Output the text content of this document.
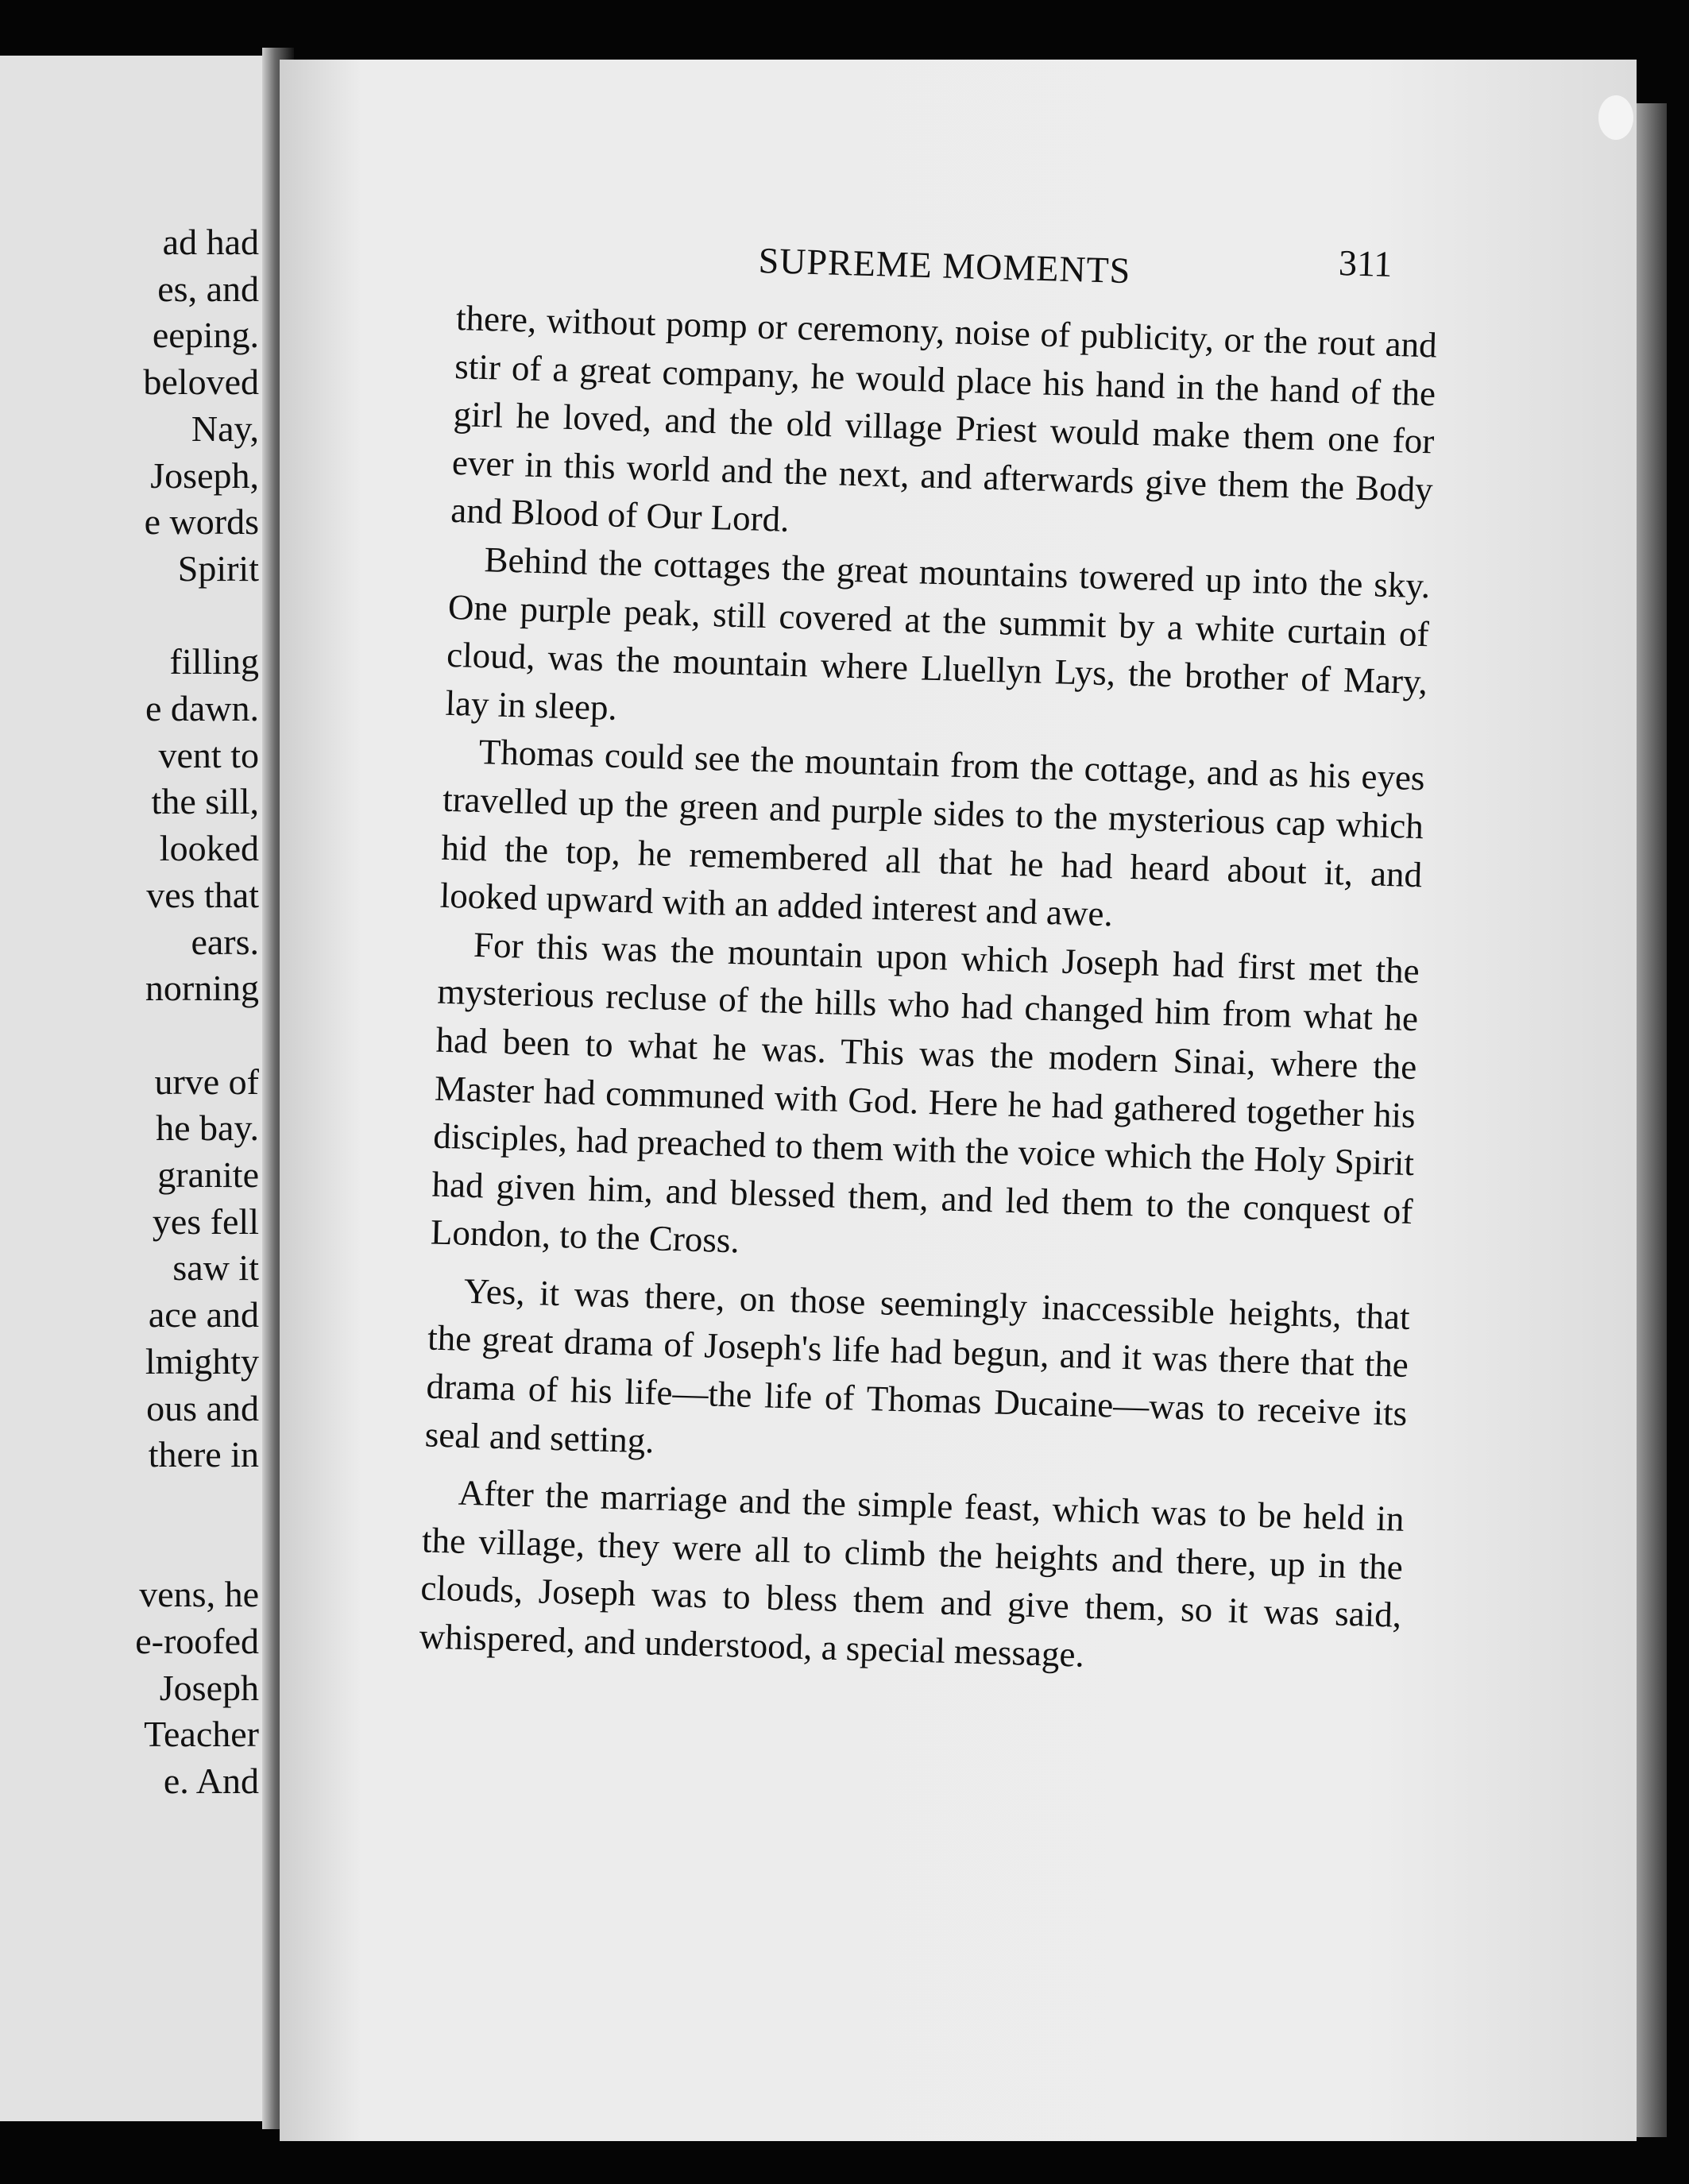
ad had
es, and
eeping.
beloved
Nay,
Joseph,
e words
Spirit
filling
e dawn.
vent to
the sill,
looked
ves that
ears.
norning
urve of
he bay.
granite
yes fell
saw it
ace and
lmighty
ous and
there in
vens, he
e-roofed
Joseph
Teacher
e. And
SUPREME MOMENTS	311

there, without pomp or ceremony, noise of publicity, or the rout and stir of a great company, he would place his hand in the hand of the girl he loved, and the old village Priest would make them one for ever in this world and the next, and afterwards give them the Body and Blood of Our Lord.

Behind the cottages the great mountains towered up into the sky. One purple peak, still covered at the summit by a white curtain of cloud, was the mountain where Lluellyn Lys, the brother of Mary, lay in sleep.

Thomas could see the mountain from the cottage, and as his eyes travelled up the green and purple sides to the mysterious cap which hid the top, he remembered all that he had heard about it, and looked upward with an added interest and awe.

For this was the mountain upon which Joseph had first met the mysterious recluse of the hills who had changed him from what he had been to what he was. This was the modern Sinai, where the Master had communed with God. Here he had gathered together his disciples, had preached to them with the voice which the Holy Spirit had given him, and blessed them, and led them to the conquest of London, to the Cross.

Yes, it was there, on those seemingly inaccessible heights, that the great drama of Joseph's life had begun, and it was there that the drama of his life—the life of Thomas Ducaine—was to receive its seal and setting.

After the marriage and the simple feast, which was to be held in the village, they were all to climb the heights and there, up in the clouds, Joseph was to bless them and give them, so it was said, whispered, and understood, a special message.
